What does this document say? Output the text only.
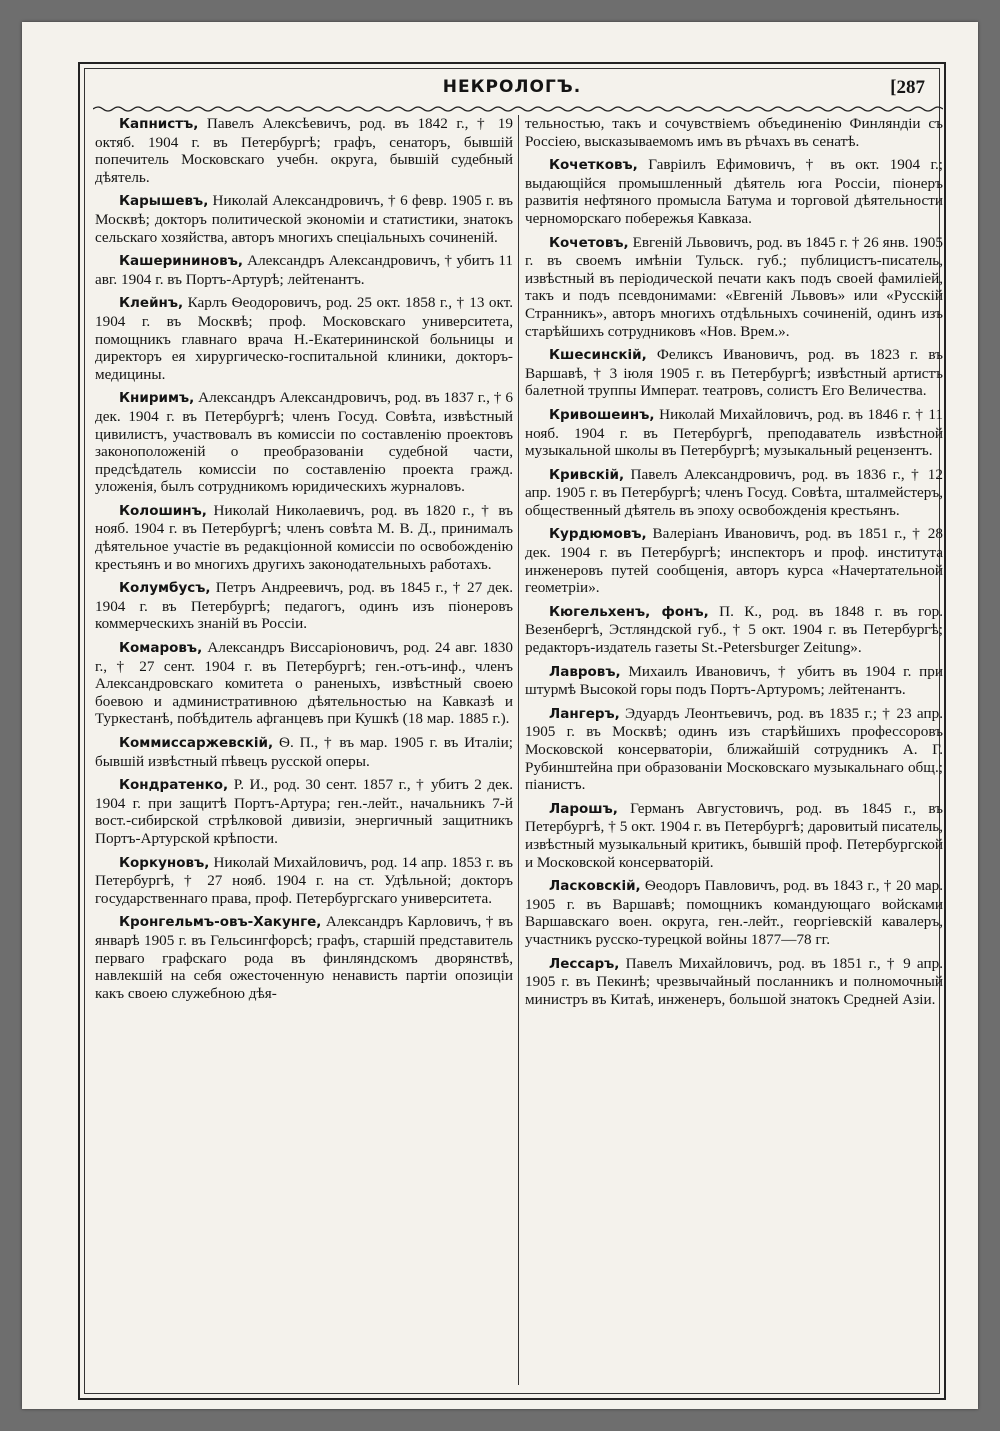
НЕКРОЛОГЪ.	[287

Капнистъ, Павелъ Алексѣевичъ, род. въ 1842 г., † 19 октяб. 1904 г. въ Петербургѣ; графъ, сенаторъ, бывшій попечитель Московскаго учебн. округа, бывшій судебный дѣятель.

Карышевъ, Николай Александровичъ, † 6 февр. 1905 г. въ Москвѣ; докторъ политической экономіи и статистики, знатокъ сельскаго хозяйства, авторъ многихъ спеціальныхъ сочиненій.

Кашерининовъ, Александръ Александровичъ, † убитъ 11 авг. 1904 г. въ Портъ-Артурѣ; лейтенантъ.

Клейнъ, Карлъ Ѳеодоровичъ, род. 25 окт. 1858 г., † 13 окт. 1904 г. въ Москвѣ; проф. Московскаго университета, помощникъ главнаго врача Н.-Екатерининской больницы и директоръ ея хирургическо-госпитальной клиники, докторъ-медицины.

Книримъ, Александръ Александровичъ, род. въ 1837 г., † 6 дек. 1904 г. въ Петербургѣ; членъ Госуд. Совѣта, извѣстный цивилистъ, участвовалъ въ комиссіи по составленію проектовъ законоположеній о преобразованіи судебной части, предсѣдатель комиссіи по составленію проекта гражд. уложенія, былъ сотрудникомъ юридическихъ журналовъ.

Колошинъ, Николай Николаевичъ, род. въ 1820 г., † въ нояб. 1904 г. въ Петербургѣ; членъ совѣта М. В. Д., принималъ дѣятельное участіе въ редакціонной комиссіи по освобожденію крестьянъ и во многихъ другихъ законодательныхъ работахъ.

Колумбусъ, Петръ Андреевичъ, род. въ 1845 г., † 27 дек. 1904 г. въ Петербургѣ; педагогъ, одинъ изъ піонеровъ коммерческихъ знаній въ Россіи.

Комаровъ, Александръ Виссаріоновичъ, род. 24 авг. 1830 г., † 27 сент. 1904 г. въ Петербургѣ; ген.-отъ-инф., членъ Александровскаго комитета о раненыхъ, извѣстный своею боевою и административною дѣятельностью на Кавказѣ и Туркестанѣ, побѣдитель афганцевъ при Кушкѣ (18 мар. 1885 г.).

Коммиссаржевскій, Ѳ. П., † въ мар. 1905 г. въ Италіи; бывшій извѣстный пѣвецъ русской оперы.

Кондратенко, Р. И., род. 30 сент. 1857 г., † убитъ 2 дек. 1904 г. при защитѣ Портъ-Артура; ген.-лейт., начальникъ 7-й вост.-сибирской стрѣлковой дивизіи, энергичный защитникъ Портъ-Артурской крѣпости.

Коркуновъ, Николай Михайловичъ, род. 14 апр. 1853 г. въ Петербургѣ, † 27 нояб. 1904 г. на ст. Удѣльной; докторъ государственнаго права, проф. Петербургскаго университета.

Кронгельмъ-овъ-Хакунге, Александръ Карловичъ, † въ январѣ 1905 г. въ Гельсингфорсѣ; графъ, старшій представитель перваго графскаго рода въ финляндскомъ дворянствѣ, навлекшій на себя ожесточенную ненависть партіи опозиціи какъ своею служебною дѣя-

тельностью, такъ и сочувствіемъ объединенію Финляндіи съ Россіею, высказываемомъ имъ въ рѣчахъ въ сенатѣ.

Кочетковъ, Гавріилъ Ефимовичъ, † въ окт. 1904 г.; выдающійся промышленный дѣятель юга Россіи, піонеръ развитія нефтяного промысла Батума и торговой дѣятельности черноморскаго побережья Кавказа.

Кочетовъ, Евгеній Львовичъ, род. въ 1845 г. † 26 янв. 1905 г. въ своемъ имѣніи Тульск. губ.; публицистъ-писатель, извѣстный въ періодической печати какъ подъ своей фамиліей, такъ и подъ псевдонимами: «Евгеній Львовъ» или «Русскій Странникъ», авторъ многихъ отдѣльныхъ сочиненій, одинъ изъ старѣйшихъ сотрудниковъ «Нов. Врем.».

Кшесинскій, Феликсъ Ивановичъ, род. въ 1823 г. въ Варшавѣ, † 3 іюля 1905 г. въ Петербургѣ; извѣстный артистъ балетной труппы Императ. театровъ, солистъ Его Величества.

Кривошеинъ, Николай Михайловичъ, род. въ 1846 г. † 11 нояб. 1904 г. въ Петербургѣ, преподаватель извѣстной музыкальной школы въ Петербургѣ; музыкальный рецензентъ.

Кривскій, Павелъ Александровичъ, род. въ 1836 г., † 12 апр. 1905 г. въ Петербургѣ; членъ Госуд. Совѣта, шталмейстеръ, общественный дѣятель въ эпоху освобожденія крестьянъ.

Курдюмовъ, Валеріанъ Ивановичъ, род. въ 1851 г., † 28 дек. 1904 г. въ Петербургѣ; инспекторъ и проф. института инженеровъ путей сообщенія, авторъ курса «Начертательной геометріи».

Кюгельхенъ, фонъ, П. К., род. въ 1848 г. въ гор. Везенбергѣ, Эстляндской губ., † 5 окт. 1904 г. въ Петербургѣ; редакторъ-издатель газеты St.-Petersburger Zeitung».

Лавровъ, Михаилъ Ивановичъ, † убитъ въ 1904 г. при штурмѣ Высокой горы подъ Портъ-Артуромъ; лейтенантъ.

Лангеръ, Эдуардъ Леонтьевичъ, род. въ 1835 г.; † 23 апр. 1905 г. въ Москвѣ; одинъ изъ старѣйшихъ профессоровъ Московской консерваторіи, ближайшій сотрудникъ А. Г. Рубинштейна при образованіи Московскаго музыкальнаго общ.; піанистъ.

Ларошъ, Германъ Августовичъ, род. въ 1845 г., въ Петербургѣ, † 5 окт. 1904 г. въ Петербургѣ; даровитый писатель, извѣстный музыкальный критикъ, бывшій проф. Петербургской и Московской консерваторій.

Ласковскій, Ѳеодоръ Павловичъ, род. въ 1843 г., † 20 мар. 1905 г. въ Варшавѣ; помощникъ командующаго войсками Варшавскаго воен. округа, ген.-лейт., георгіевскій кавалеръ, участникъ русско-турецкой войны 1877—78 гг.

Лессаръ, Павелъ Михайловичъ, род. въ 1851 г., † 9 апр. 1905 г. въ Пекинѣ; чрезвычайный посланникъ и полномочный министръ въ Китаѣ, инженеръ, большой знатокъ Средней Азіи.
